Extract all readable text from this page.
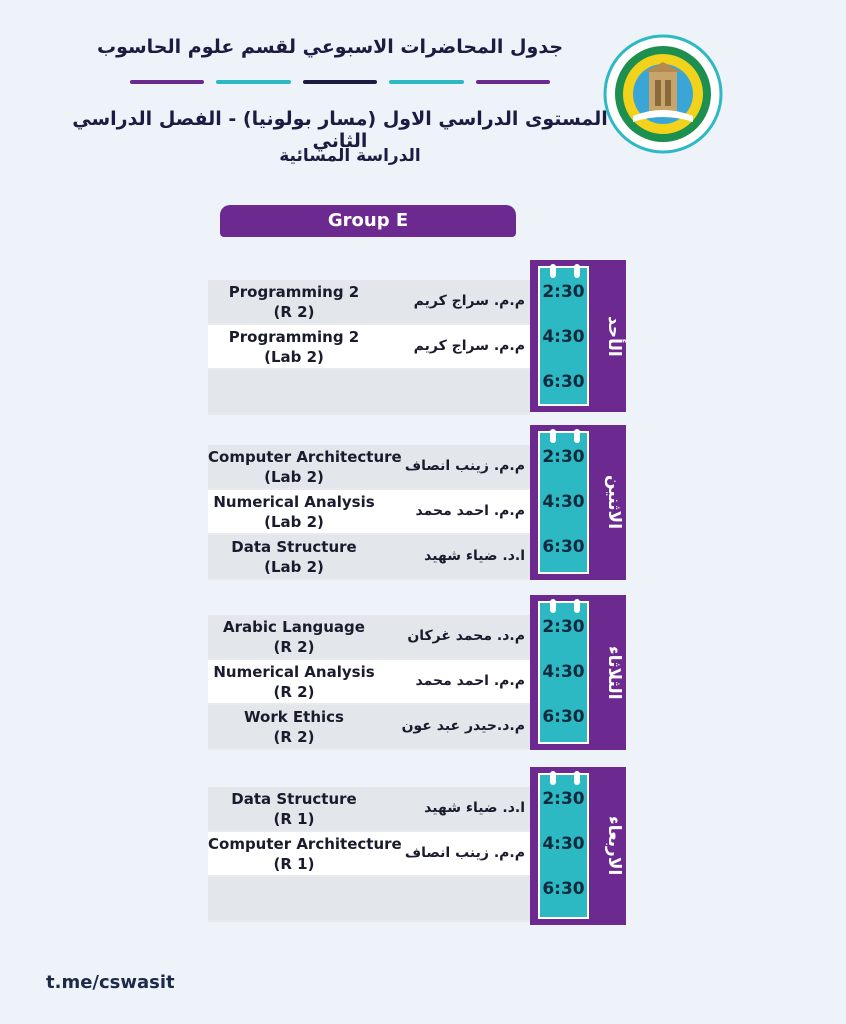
جدول المحاضرات الاسبوعي لقسم علوم الحاسوب
المستوى الدراسي الاول (مسار بولونيا) - الفصل الدراسي الثاني
الدراسة المسائية
Group E
Programming 2
(R 2)
م.م. سراج كريم
Programming 2
(Lab 2)
م.م. سراج كريم
2:30
4:30
6:30
الأحد
Computer Architecture
(Lab 2)
م.م. زينب انصاف
Numerical Analysis
(Lab 2)
م.م. احمد محمد
Data Structure
(Lab 2)
ا.د. ضياء شهيد
2:30
4:30
6:30
الاثنين
Arabic Language
(R 2)
م.د. محمد غركان
Numerical Analysis
(R 2)
م.م. احمد محمد
Work Ethics
(R 2)
م.د.حيدر عبد عون
2:30
4:30
6:30
الثلاثاء
Data Structure
(R 1)
ا.د. ضياء شهيد
Computer Architecture
(R 1)
م.م. زينب انصاف
2:30
4:30
6:30
الاربعاء
t.me/cswasit
